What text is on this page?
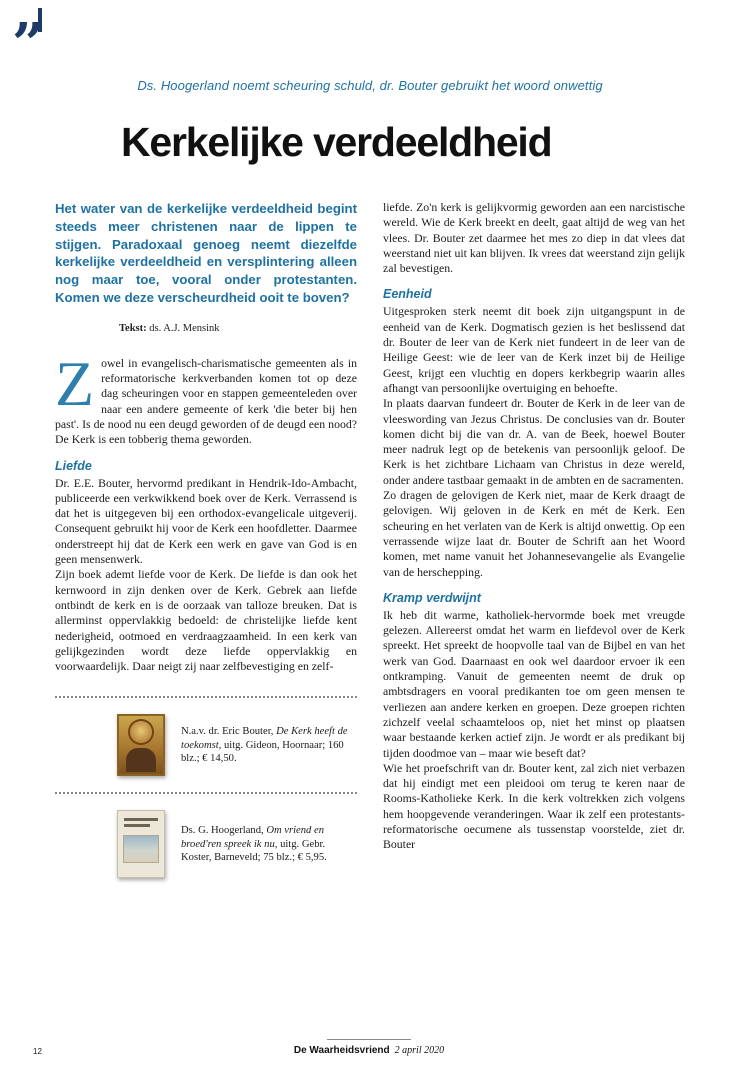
”
Ds. Hoogerland noemt scheuring schuld, dr. Bouter gebruikt het woord onwettig
Kerkelijke verdeeldheid

Het water van de kerkelijke verdeeldheid begint steeds meer christenen naar de lippen te stijgen. Paradoxaal genoeg neemt diezelfde kerkelijke verdeeldheid en versplintering alleen nog maar toe, vooral onder protestanten. Komen we deze verscheurdheid ooit te boven?

Tekst: ds. A.J. Mensink

Zowel in evangelisch-charismatische gemeenten als in reformatorische kerkverbanden komen tot op deze dag scheuringen voor en stappen gemeenteleden over naar een andere gemeente of kerk 'die beter bij hen past'. Is de nood nu een deugd geworden of de deugd een nood? De Kerk is een tobberig thema geworden.

Liefde

Dr. E.E. Bouter, hervormd predikant in Hendrik-Ido-Ambacht, publiceerde een verkwikkend boek over de Kerk. Verrassend is dat het is uitgegeven bij een orthodox-evangelicale uitgeverij. Consequent gebruikt hij voor de Kerk een hoofdletter. Daarmee onderstreept hij dat de Kerk een werk en gave van God is en geen mensenwerk.

Zijn boek ademt liefde voor de Kerk. De liefde is dan ook het kernwoord in zijn denken over de Kerk. Gebrek aan liefde ontbindt de kerk en is de oorzaak van talloze breuken. Dat is allerminst oppervlakkig bedoeld: de christelijke liefde kent nederigheid, ootmoed en verdraagzaamheid. In een kerk van gelijkgezinden wordt deze liefde oppervlakkig en voorwaardelijk. Daar neigt zij naar zelfbevestiging en zelf-

N.a.v. dr. Eric Bouter, De Kerk heeft de toekomst, uitg. Gideon, Hoornaar; 160 blz.; € 14,50.

Ds. G. Hoogerland, Om vriend en broed'ren spreek ik nu, uitg. Gebr. Koster, Barneveld; 75 blz.; € 5,95.

liefde. Zo'n kerk is gelijkvormig geworden aan een narcistische wereld. Wie de Kerk breekt en deelt, gaat altijd de weg van het vlees. Dr. Bouter zet daarmee het mes zo diep in dat vlees dat weerstand niet uit kan blijven. Ik vrees dat weerstand zijn gelijk zal bevestigen.

Eenheid

Uitgesproken sterk neemt dit boek zijn uitgangspunt in de eenheid van de Kerk. Dogmatisch gezien is het beslissend dat dr. Bouter de leer van de Kerk niet fundeert in de leer van de Heilige Geest: wie de leer van de Kerk inzet bij de Heilige Geest, krijgt een vluchtig en dopers kerkbegrip waarin alles afhangt van persoonlijke overtuiging en behoefte.

In plaats daarvan fundeert dr. Bouter de Kerk in de leer van de vleeswording van Jezus Christus. De conclusies van dr. Bouter komen dicht bij die van dr. A. van de Beek, hoewel Bouter meer nadruk legt op de betekenis van persoonlijk geloof. De Kerk is het zichtbare Lichaam van Christus in deze wereld, onder andere tastbaar gemaakt in de ambten en de sacramenten.

Zo dragen de gelovigen de Kerk niet, maar de Kerk draagt de gelovigen. Wij geloven in de Kerk en mét de Kerk. Een scheuring en het verlaten van de Kerk is altijd onwettig. Op een verrassende wijze laat dr. Bouter de Schrift aan het Woord komen, met name vanuit het Johannesevangelie als Evangelie van de herschepping.

Kramp verdwijnt

Ik heb dit warme, katholiek-hervormde boek met vreugde gelezen. Allereerst omdat het warm en liefdevol over de Kerk spreekt. Het spreekt de hoopvolle taal van de Bijbel en van het werk van God. Daarnaast en ook wel daardoor ervoer ik een ontkramping. Vanuit de gemeenten neemt de druk op ambtsdragers en vooral predikanten toe om geen mensen te verliezen aan andere kerken en groepen. Deze groepen richten zichzelf veelal schaamteloos op, niet het minst op plaatsen waar bestaande kerken actief zijn. Je wordt er als predikant bij tijden doodmoe van – maar wie beseft dat?

Wie het proefschrift van dr. Bouter kent, zal zich niet verbazen dat hij eindigt met een pleidooi om terug te keren naar de Rooms-Katholieke Kerk. In die kerk voltrekken zich volgens hem hoopgevende veranderingen. Waar ik zelf een protestants-reformatorische oecumene als tussenstap voorstelde, ziet dr. Bouter

De Waarheidsvriend 2 april 2020
12
